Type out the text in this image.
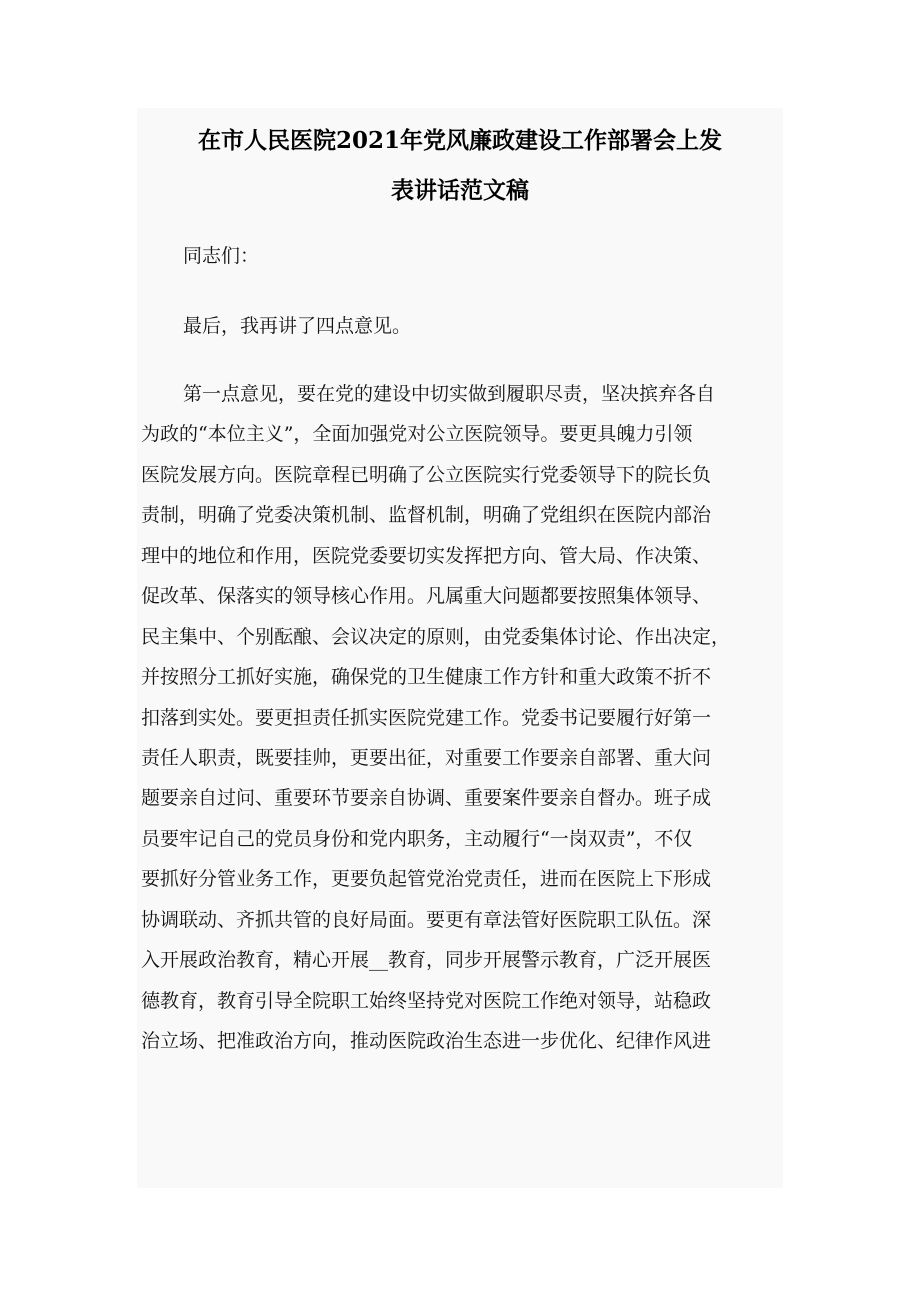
在市人民医院2021年党风廉政建设工作部署会上发
表讲话范文稿
同志们：
最后，我再讲了四点意见。
第一点意见，要在党的建设中切实做到履职尽责，坚决摈弃各自
为政的“本位主义”，全面加强党对公立医院领导。要更具魄力引领
医院发展方向。医院章程已明确了公立医院实行党委领导下的院长负
责制，明确了党委决策机制、监督机制，明确了党组织在医院内部治
理中的地位和作用，医院党委要切实发挥把方向、管大局、作决策、
促改革、保落实的领导核心作用。凡属重大问题都要按照集体领导、
民主集中、个别酝酿、会议决定的原则，由党委集体讨论、作出决定，
并按照分工抓好实施，确保党的卫生健康工作方针和重大政策不折不
扣落到实处。要更担责任抓实医院党建工作。党委书记要履行好第一
责任人职责，既要挂帅，更要出征，对重要工作要亲自部署、重大问
题要亲自过问、重要环节要亲自协调、重要案件要亲自督办。班子成
员要牢记自己的党员身份和党内职务，主动履行“一岗双责”，不仅
要抓好分管业务工作，更要负起管党治党责任，进而在医院上下形成
协调联动、齐抓共管的良好局面。要更有章法管好医院职工队伍。深
入开展政治教育，精心开展__教育，同步开展警示教育，广泛开展医
德教育，教育引导全院职工始终坚持党对医院工作绝对领导，站稳政
治立场、把准政治方向，推动医院政治生态进一步优化、纪律作风进
